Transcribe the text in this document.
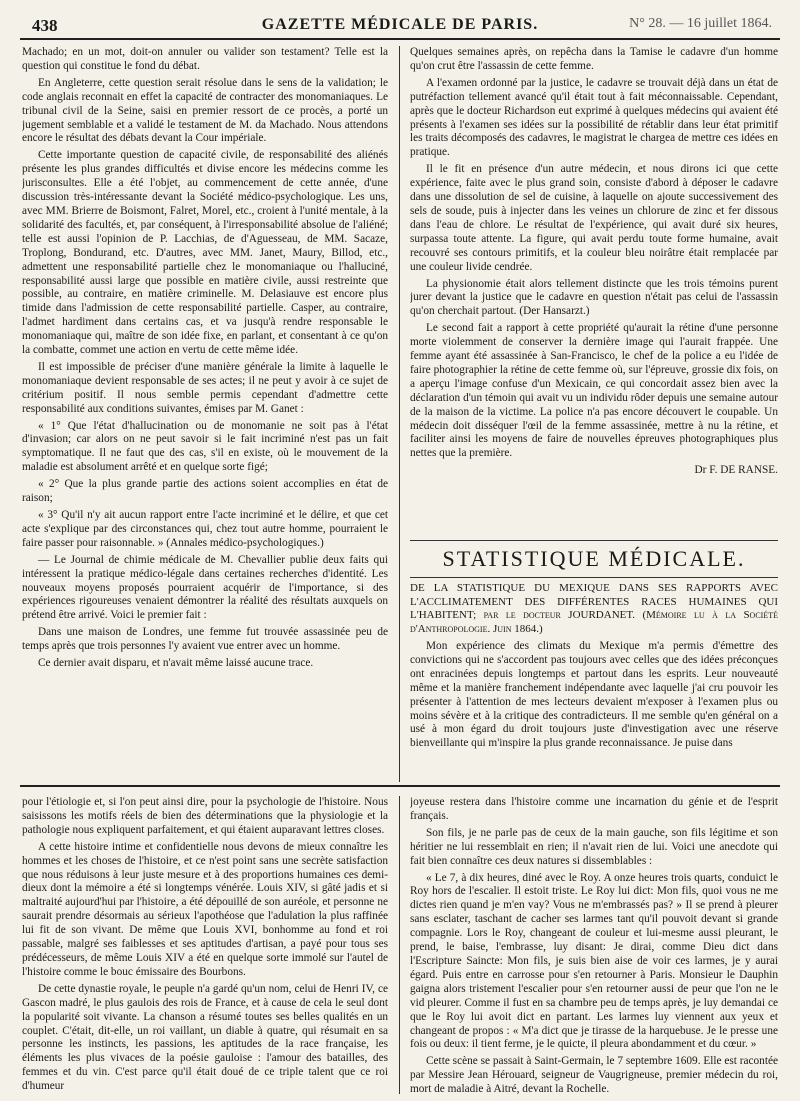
438	GAZETTE MÉDICALE DE PARIS.	N° 28. — 16 juillet 1864.

Machado; en un mot, doit-on annuler ou valider son testament? Telle est la question qui constitue le fond du débat.

En Angleterre, cette question serait résolue dans le sens de la validation; le code anglais reconnait en effet la capacité de contracter des monomaniaques. Le tribunal civil de la Seine, saisi en premier ressort de ce procès, a porté un jugement semblable et a validé le testament de M. da Machado. Nous attendons encore le résultat des débats devant la Cour impériale.

Cette importante question de capacité civile, de responsabilité des aliénés présente les plus grandes difficultés et divise encore les médecins comme les jurisconsultes. Elle a été l'objet, au commencement de cette année, d'une discussion très-intéressante devant la Société médico-psychologique. Les uns, avec MM. Brierre de Boismont, Falret, Morel, etc., croient à l'unité mentale, à la solidarité des facultés, et, par conséquent, à l'irresponsabilité absolue de l'aliéné; telle est aussi l'opinion de P. Lacchias, de d'Aguesseau, de MM. Sacaze, Troplong, Bondurand, etc. D'autres, avec MM. Janet, Maury, Billod, etc., admettent une responsabilité partielle chez le monomaniaque ou l'halluciné, responsabilité aussi large que possible en matière civile, aussi restreinte que possible, au contraire, en matière criminelle. M. Delasiauve est encore plus timide dans l'admission de cette responsabilité partielle. Casper, au contraire, l'admet hardiment dans certains cas, et va jusqu'à rendre responsable le monomaniaque qui, maître de son idée fixe, en parlant, et consentant à ce qu'on la combatte, commet une action en vertu de cette même idée.

Il est impossible de préciser d'une manière générale la limite à laquelle le monomaniaque devient responsable de ses actes; il ne peut y avoir à ce sujet de critérium positif. Il nous semble permis cependant d'admettre cette responsabilité aux conditions suivantes, émises par M. Ganet :

« 1° Que l'état d'hallucination ou de monomanie ne soit pas à l'état d'invasion; car alors on ne peut savoir si le fait incriminé n'est pas un fait symptomatique. Il ne faut que des cas, s'il en existe, où le mouvement de la maladie est absolument arrêté et en quelque sorte figé;

« 2° Que la plus grande partie des actions soient accomplies en état de raison;

« 3° Qu'il n'y ait aucun rapport entre l'acte incriminé et le délire, et que cet acte s'explique par des circonstances qui, chez tout autre homme, pourraient le faire passer pour raisonnable. » (Annales médico-psychologiques.)

— Le Journal de chimie médicale de M. Chevallier publie deux faits qui intéressent la pratique médico-légale dans certaines recherches d'identité. Les nouveaux moyens proposés pourraient acquérir de l'importance, si des expériences rigoureuses venaient démontrer la réalité des résultats auxquels on prétend être arrivé. Voici le premier fait :

Dans une maison de Londres, une femme fut trouvée assassinée peu de temps après que trois personnes l'y avaient vue entrer avec un homme.

Ce dernier avait disparu, et n'avait même laissé aucune trace.

Quelques semaines après, on repêcha dans la Tamise le cadavre d'un homme qu'on crut être l'assassin de cette femme.

A l'examen ordonné par la justice, le cadavre se trouvait déjà dans un état de putréfaction tellement avancé qu'il était tout à fait méconnaissable. Cependant, après que le docteur Richardson eut exprimé à quelques médecins qui avaient été présents à l'examen ses idées sur la possibilité de rétablir dans leur état primitif les traits décomposés des cadavres, le magistrat le chargea de mettre ces idées en pratique.

Il le fit en présence d'un autre médecin, et nous dirons ici que cette expérience, faite avec le plus grand soin, consiste d'abord à déposer le cadavre dans une dissolution de sel de cuisine, à laquelle on ajoute successivement des sels de soude, puis à injecter dans les veines un chlorure de zinc et fer dissous dans l'eau de chlore. Le résultat de l'expérience, qui avait duré six heures, surpassa toute attente. La figure, qui avait perdu toute forme humaine, avait recouvré ses contours primitifs, et la couleur bleu noirâtre était remplacée par une couleur livide cendrée.

La physionomie était alors tellement distincte que les trois témoins purent jurer devant la justice que le cadavre en question n'était pas celui de l'assassin qu'on cherchait partout. (Der Hansarzt.)

Le second fait a rapport à cette propriété qu'aurait la rétine d'une personne morte violemment de conserver la dernière image qui l'aurait frappée. Une femme ayant été assassinée à San-Francisco, le chef de la police a eu l'idée de faire photographier la rétine de cette femme où, sur l'épreuve, grossie dix fois, on a aperçu l'image confuse d'un Mexicain, ce qui concordait assez bien avec la déclaration d'un témoin qui avait vu un individu rôder depuis une semaine autour de la maison de la victime. La police n'a pas encore découvert le coupable. Un médecin doit disséquer l'œil de la femme assassinée, mettre à nu la rétine, et faciliter ainsi les moyens de faire de nouvelles épreuves photographiques plus nettes que la première.

Dr F. DE RANSE.
STATISTIQUE MÉDICALE.
DE LA STATISTIQUE DU MEXIQUE DANS SES RAPPORTS AVEC L'ACCLIMATEMENT DES DIFFÉRENTES RACES HUMAINES QUI L'HABITENT; par le docteur JOURDANET. (Mémoire lu à la Société d'Anthropologie. Juin 1864.)

Mon expérience des climats du Mexique m'a permis d'émettre des convictions qui ne s'accordent pas toujours avec celles que des idées préconçues ont enracinées depuis longtemps et partout dans les esprits. Leur nouveauté même et la manière franchement indépendante avec laquelle j'ai cru pouvoir les présenter à l'attention de mes lecteurs devaient m'exposer à l'examen plus ou moins sévère et à la critique des contradicteurs. Il me semble qu'en général on a usé à mon égard du droit toujours juste d'investigation avec une réserve bienveillante qui m'inspire la plus grande reconnaissance. Je puise dans

pour l'étiologie et, si l'on peut ainsi dire, pour la psychologie de l'histoire. Nous saisissons les motifs réels de bien des déterminations que la physiologie et la pathologie nous expliquent parfaitement, et qui étaient auparavant lettres closes.

A cette histoire intime et confidentielle nous devons de mieux connaître les hommes et les choses de l'histoire, et ce n'est point sans une secrète satisfaction que nous réduisons à leur juste mesure et à des proportions humaines ces demi-dieux dont la mémoire a été si longtemps vénérée. Louis XIV, si gâté jadis et si maltraité aujourd'hui par l'histoire, a été dépouillé de son auréole, et personne ne saurait prendre désormais au sérieux l'apothéose que l'adulation la plus raffinée lui fit de son vivant. De même que Louis XVI, bonhomme au fond et roi passable, malgré ses faiblesses et ses aptitudes d'artisan, a payé pour tous ses prédécesseurs, de même Louis XIV a été en quelque sorte immolé sur l'autel de l'histoire comme le bouc émissaire des Bourbons.

De cette dynastie royale, le peuple n'a gardé qu'un nom, celui de Henri IV, ce Gascon madré, le plus gaulois des rois de France, et à cause de cela le seul dont la popularité soit vivante. La chanson a résumé toutes ses belles qualités en un couplet. C'était, dit-elle, un roi vaillant, un diable à quatre, qui résumait en sa personne les instincts, les passions, les aptitudes de la race française, les éléments les plus vivaces de la poésie gauloise : l'amour des batailles, des femmes et du vin. C'est parce qu'il était doué de ce triple talent que ce roi d'humeur

joyeuse restera dans l'histoire comme une incarnation du génie et de l'esprit français.

Son fils, je ne parle pas de ceux de la main gauche, son fils légitime et son héritier ne lui ressemblait en rien; il n'avait rien de lui. Voici une anecdote qui fait bien connaître ces deux natures si dissemblables :

« Le 7, à dix heures, diné avec le Roy. A onze heures trois quarts, conduict le Roy hors de l'escalier. Il estoit triste. Le Roy lui dict: Mon fils, quoi vous ne me dictes rien quand je m'en vay? Vous ne m'embrassés pas? » Il se prend à pleurer sans esclater, taschant de cacher ses larmes tant qu'il pouvoit devant si grande compagnie. Lors le Roy, changeant de couleur et lui-mesme aussi pleurant, le prend, le baise, l'embrasse, luy disant: Je dirai, comme Dieu dict dans l'Escripture Saincte: Mon fils, je suis bien aise de voir ces larmes, je y aurai égard. Puis entre en carrosse pour s'en retourner à Paris. Monsieur le Dauphin gaigna alors tristement l'escalier pour s'en retourner aussi de peur que l'on ne le vid pleurer. Comme il fust en sa chambre peu de temps après, je luy demandai ce que le Roy lui avoit dict en partant. Les larmes luy viennent aux yeux et changeant de propos : « M'a dict que je tirasse de la harquebuse. Je le presse une fois ou deux: il tient ferme, je le quicte, il pleura abondamment et du cœur. »

Cette scène se passait à Saint-Germain, le 7 septembre 1609. Elle est racontée par Messire Jean Hérouard, seigneur de Vaugrigneuse, premier médecin du roi, mort de maladie à Aitré, devant la Rochelle.
